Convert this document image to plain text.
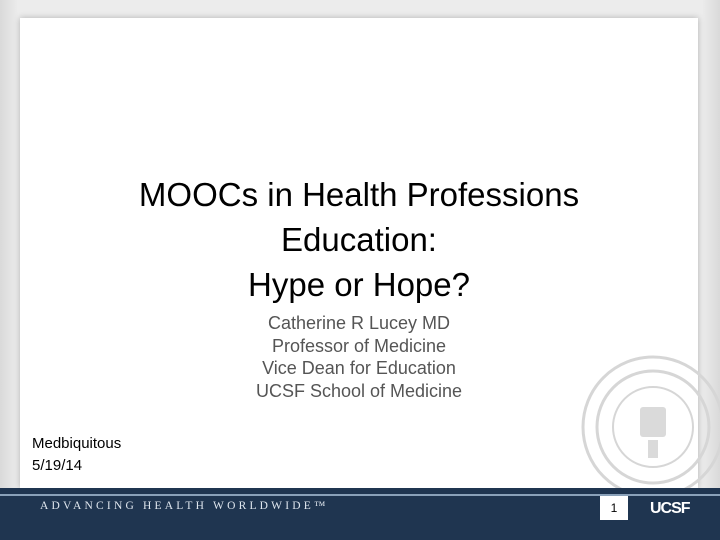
MOOCs in Health Professions
Education:
Hype or Hope?
Catherine R Lucey MD
Professor of Medicine
Vice Dean for Education
UCSF School of Medicine
Medbiquitous
5/19/14
ADVANCING HEALTH WORLDWIDE™	1	UCSF
